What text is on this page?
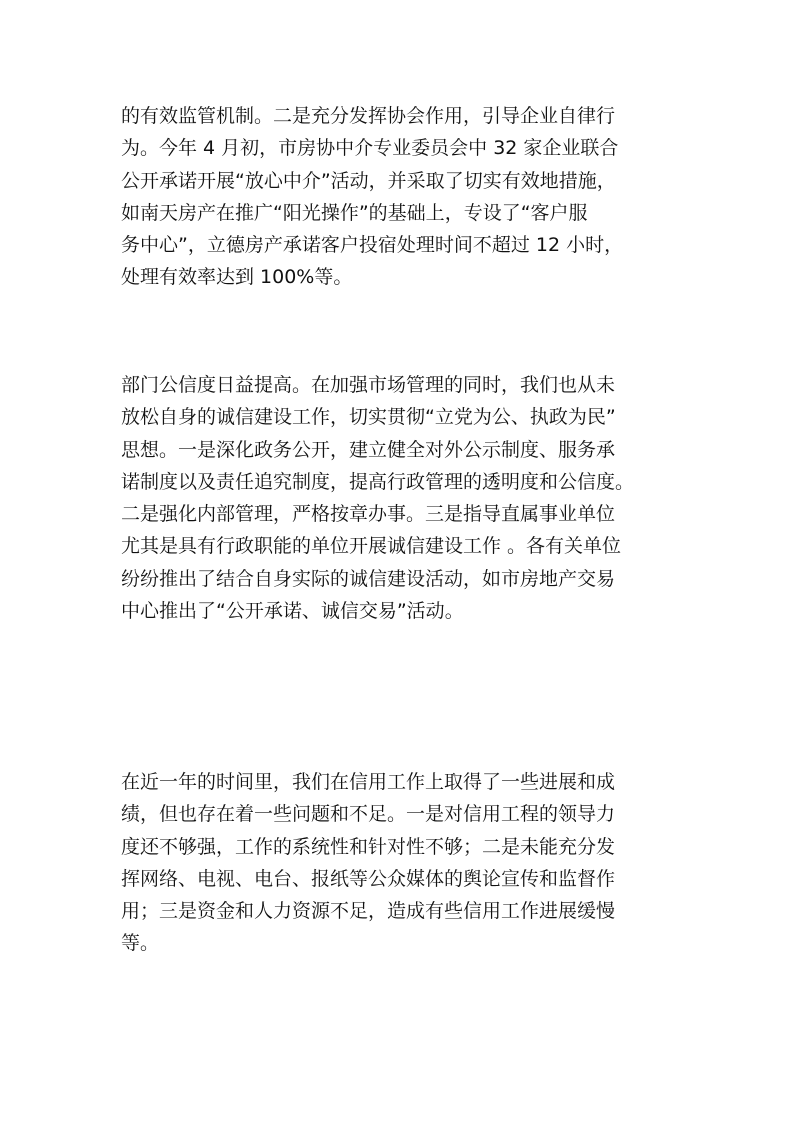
的有效监管机制。二是充分发挥协会作用，引导企业自律行
为。今年 4 月初，市房协中介专业委员会中 32 家企业联合
公开承诺开展“放心中介”活动，并采取了切实有效地措施，
如南天房产在推广“阳光操作”的基础上，专设了“客户服
务中心”，立德房产承诺客户投宿处理时间不超过 12 小时，
处理有效率达到 100%等。

部门公信度日益提高。在加强市场管理的同时，我们也从未
放松自身的诚信建设工作，切实贯彻“立党为公、执政为民”
思想。一是深化政务公开，建立健全对外公示制度、服务承
诺制度以及责任追究制度，提高行政管理的透明度和公信度。
二是强化内部管理，严格按章办事。三是指导直属事业单位
尤其是具有行政职能的单位开展诚信建设工作 。各有关单位
纷纷推出了结合自身实际的诚信建设活动，如市房地产交易
中心推出了“公开承诺、诚信交易”活动。

在近一年的时间里，我们在信用工作上取得了一些进展和成
绩，但也存在着一些问题和不足。一是对信用工程的领导力
度还不够强，工作的系统性和针对性不够；二是未能充分发
挥网络、电视、电台、报纸等公众媒体的舆论宣传和监督作
用；三是资金和人力资源不足，造成有些信用工作进展缓慢
等。
